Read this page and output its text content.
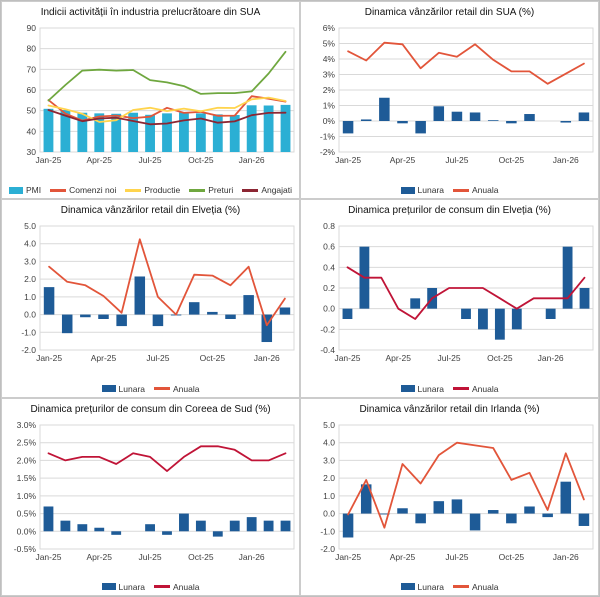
30
40
50
60
70
80
90
Jan-25	Apr-25	Jul-25	Oct-25	Jan-26
Indicii activității în industria prelucrătoare din SUA
PMI	Comenzi noi	Productie	Preturi	Angajati
-2%
-1%
0%
1%
2%
3%
4%
5%
6%
Jan-25	Apr-25	Jul-25	Oct-25	Jan-26
Dinamica vânzărilor retail din SUA (%)
Lunara	Anuala
-2.0
-1.0
0.0
1.0
2.0
3.0
4.0
5.0
Jan-25	Apr-25	Jul-25	Oct-25	Jan-26
Dinamica vânzărilor retail din Elveția (%)
Lunara	Anuala
-0.4
-0.2
0.0
0.2
0.4
0.6
0.8
Jan-25	Apr-25	Jul-25	Oct-25	Jan-26
Dinamica prețurilor de consum din Elveția (%)
Lunara	Anuala
-0.5%
0.0%
0.5%
1.0%
1.5%
2.0%
2.5%
3.0%
Jan-25	Apr-25	Jul-25	Oct-25	Jan-26
Dinamica prețurilor de consum din Coreea de Sud (%)
Lunara	Anuala
-2.0
-1.0
0.0
1.0
2.0
3.0
4.0
5.0
Jan-25	Apr-25	Jul-25	Oct-25	Jan-26
Dinamica vânzărilor retail din Irlanda (%)
Lunara	Anuala
